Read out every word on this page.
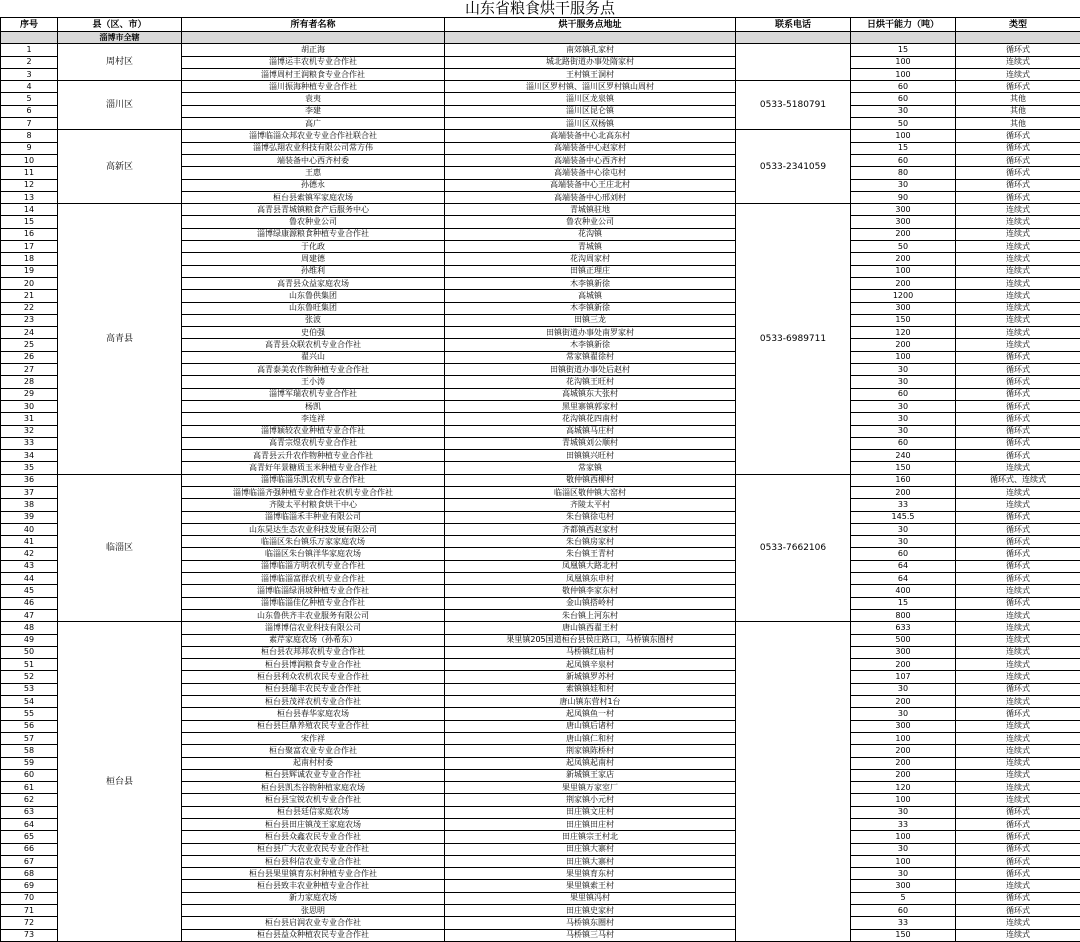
山东省粮食烘干服务点
序号	县（区、市）	所有者名称	烘干服务点地址	联系电话	日烘干能力（吨）	类型
	淄博市全辖					
1	周村区	胡正海	南郊镇孔家村		15	循环式
2		淄博运丰农机专业合作社	城北路街道办事处隋家村		100	连续式
3		淄博周村王润粮食专业合作社	王村镇王洞村		100	连续式
4	淄川区	淄川振海种植专业合作社	淄川区罗村镇、淄川区罗村镇山周村	0533-5180791	60	循环式
5		袁夷	淄川区龙泉镇		60	其他
6		李建	淄川区昆仑镇		30	其他
7		高广	淄川区双杨镇		50	其他
8	高新区	淄博临淄众邦农业专业合作社联合社	高端装备中心北高东村	0533-2341059	100	循环式
9		淄博弘翔农业科技有限公司常方伟	高端装备中心赵家村		15	循环式
10		端装备中心西齐村委	高端装备中心西齐村		60	循环式
11		王惠	高端装备中心徐屯村		80	循环式
12		孙德永	高端装备中心王庄北村		30	循环式
13		桓台县索镇军家庭农场	高端装备中心邢刘村		90	循环式
14	高青县	高青县青城镇粮食产后服务中心	青城镇驻地	0533-6989711	300	连续式
15		鲁农种业公司	鲁农种业公司		300	连续式
16		淄博绿康源粮食种植专业合作社	花沟镇		200	连续式
17		于化政	青城镇		50	连续式
18		周建德	花沟周家村		200	连续式
19		孙维利	田镇正理庄		100	连续式
20		高青县众益家庭农场	木李镇新徐		200	连续式
21		山东鲁供集团	高城镇		1200	连续式
22		山东鲁旺集团	木李镇新徐		300	连续式
23		张波	田镇三龙		150	连续式
24		史伯强	田镇街道办事处南罗家村		120	连续式
25		高青县众联农机专业合作社	木李镇新徐		200	连续式
26		翟兴山	常家镇翟徐村		100	循环式
27		高青泰美农作物种植专业合作社	田镇街道办事处后赵村		30	循环式
28		王小涛	花沟镇王旺村		30	循环式
29		淄博军瑞农机专业合作社	高城镇东大张村		60	循环式
30		杨凯	黑里寨镇郭家村		30	循环式
31		李连祥	花沟镇花四南村		30	循环式
32		淄博颖较农业种植专业合作社	高城镇马庄村		30	循环式
33		高青宗煜农机专业合作社	青城镇刘公顺村		60	循环式
34		高青县云升农作物种植专业合作社	田镇镇兴旺村		240	循环式
35		高青好年景糖质玉米种植专业合作社	常家镇		150	连续式
36	临淄区	淄博临淄乐凯农机专业合作社	敬仲镇西柳村	0533-7662106	160	循环式、连续式
37		淄博临淄齐强种植专业合作社农机专业合作社	临淄区敬仲镇大窑村		200	连续式
38		齐陵太平村粮食烘干中心	齐陵太平村		33	连续式
39		淄博临淄禾丰种业有限公司	朱台镇徐屯村		145.5	循环式
40		山东昊达生态农业科技发展有限公司	齐都镇西赵家村		30	循环式
41		临淄区朱台镇乐万家家庭农场	朱台镇房家村		30	循环式
42		临淄区朱台镇洋华家庭农场	朱台镇王青村		60	循环式
43		淄博临淄方明农机专业合作社	凤凰镇大路北村		64	循环式
44		淄博临淄富群农机专业合作社	凤凰镇东申村		64	循环式
45		淄博临淄绿涓坡种植专业合作社	敬仲镇李家东村		400	连续式
46		淄博临淄佳亿种植专业合作社	金山镇搭岭村		15	循环式
47		山东鲁供齐丰农业服务有限公司	朱台镇上河东村		800	连续式
48	桓台县	淄博博信农业科技有限公司	唐山镇西翟王村		633	连续式
49		素芹家庭农场（孙希东）	果里镇205国道桓台县侯庄路口，马桥镇东圈村		500	连续式
50		桓台县农邦邦农机专业合作社	马桥镇红庙村		300	连续式
51		桓台县博润粮食专业合作社	起凤镇辛泉村		200	连续式
52		桓台县利众农机农民专业合作社	新城镇罗苏村		107	连续式
53		桓台县瑞丰农民专业合作社	索镇镇娃和村		30	循环式
54		桓台县茂祥农机专业合作社	唐山镇东营村1台		200	连续式
55		桓台县春华家庭农场	起凤镇鱼一村		30	循环式
56		桓台县巨鼎养殖农民专业合作社	唐山镇后诸村		300	连续式
57		宋作祥	唐山镇仁和村		100	连续式
58		桓台聚富农业专业合作社	荆家镇陈桥村		200	连续式
59		起南村村委	起凤镇起南村		200	连续式
60		桓台县辉诚农业专业合作社	新城镇王家店		200	连续式
61		桓台县凯杰谷物种植家庭农场	果里镇万家室厂		120	连续式
62		桓台县宝锐农机专业合作社	荆家镇小元村		100	连续式
63		桓台县廷信家庭农场	田庄镇文庄村		30	循环式
64		桓台县田庄镇茂王家庭农场	田庄镇田庄村		33	循环式
65		桓台县众鑫农民专业合作社	田庄镇宗王村北		100	循环式
66		桓台县广大农业农民专业合作社	田庄镇大寨村		30	循环式
67		桓台县科信农业专业合作社	田庄镇大寨村		100	循环式
68		桓台县果里镇育东村种植专业合作社	果里镇育东村		30	循环式
69		桓台县致丰农业种植专业合作社	果里镇索王村		300	连续式
70		新力家庭农场	果里镇冯村		5	循环式
71		张思明	田庄镇史家村		60	循环式
72		桓台县启润农业专业合作社	马桥镇东圈村		33	连续式
73		桓台县益众种植农民专业合作社	马桥镇三马村		150	连续式
